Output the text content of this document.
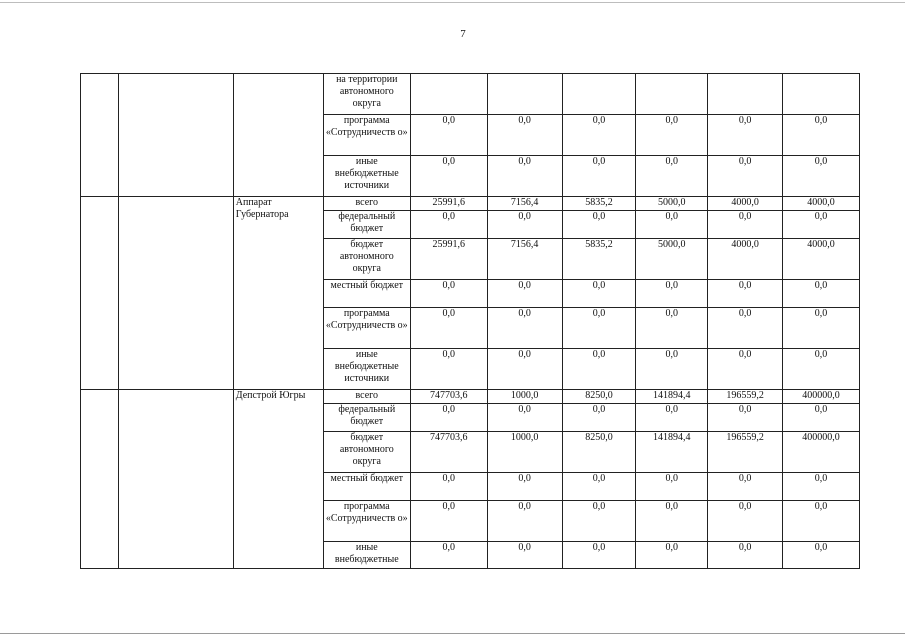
7
			на территории автономного округа						
			программа «Сотрудничеств о»	0,0	0,0	0,0	0,0	0,0	0,0
			иные внебюджетные источники	0,0	0,0	0,0	0,0	0,0	0,0
		Аппарат Губернатора	всего	25991,6	7156,4	5835,2	5000,0	4000,0	4000,0
			федеральный бюджет	0,0	0,0	0,0	0,0	0,0	0,0
			бюджет автономного округа	25991,6	7156,4	5835,2	5000,0	4000,0	4000,0
			местный бюджет	0,0	0,0	0,0	0,0	0,0	0,0
			программа «Сотрудничеств о»	0,0	0,0	0,0	0,0	0,0	0,0
			иные внебюджетные источники	0,0	0,0	0,0	0,0	0,0	0,0
		Депстрой Югры	всего	747703,6	1000,0	8250,0	141894,4	196559,2	400000,0
			федеральный бюджет	0,0	0,0	0,0	0,0	0,0	0,0
			бюджет автономного округа	747703,6	1000,0	8250,0	141894,4	196559,2	400000,0
			местный бюджет	0,0	0,0	0,0	0,0	0,0	0,0
			программа «Сотрудничеств о»	0,0	0,0	0,0	0,0	0,0	0,0
			иные внебюджетные	0,0	0,0	0,0	0,0	0,0	0,0
